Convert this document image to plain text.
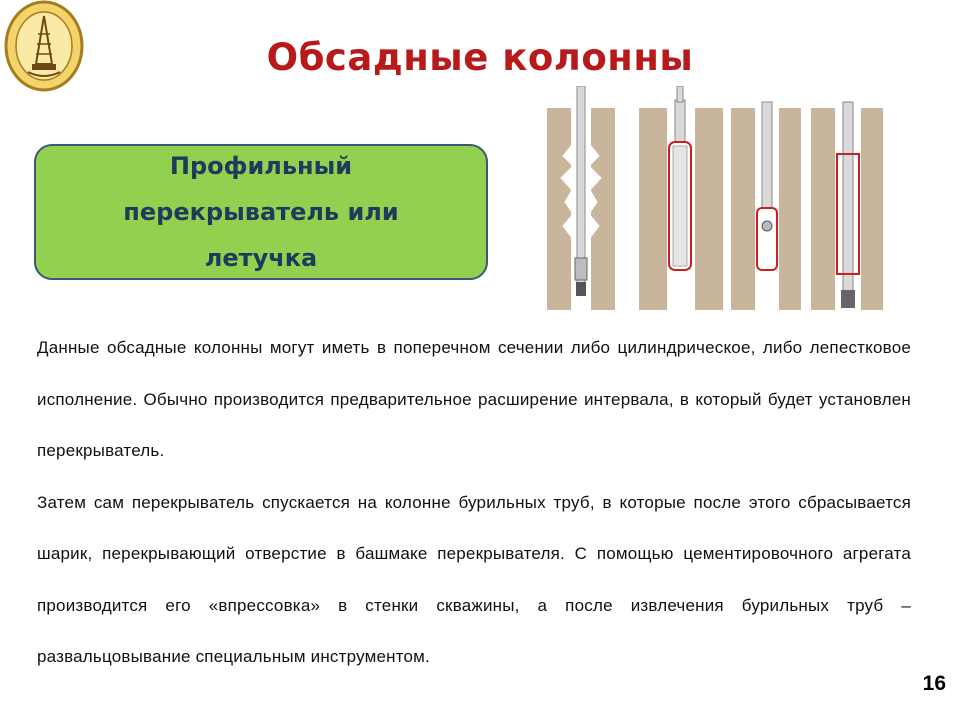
Обсадные колонны
Профильный перекрыватель или летучка

Данные обсадные колонны могут иметь в поперечном сечении либо цилиндрическое, либо лепестковое исполнение. Обычно производится предварительное расширение интервала, в который будет установлен перекрыватель.

Затем сам перекрыватель спускается на колонне бурильных труб, в которые после этого сбрасывается шарик, перекрывающий отверстие в башмаке перекрывателя. С помощью цементировочного агрегата производится его «впрессовка» в стенки скважины, а после извлечения бурильных труб – развальцовывание специальным инструментом.

16
